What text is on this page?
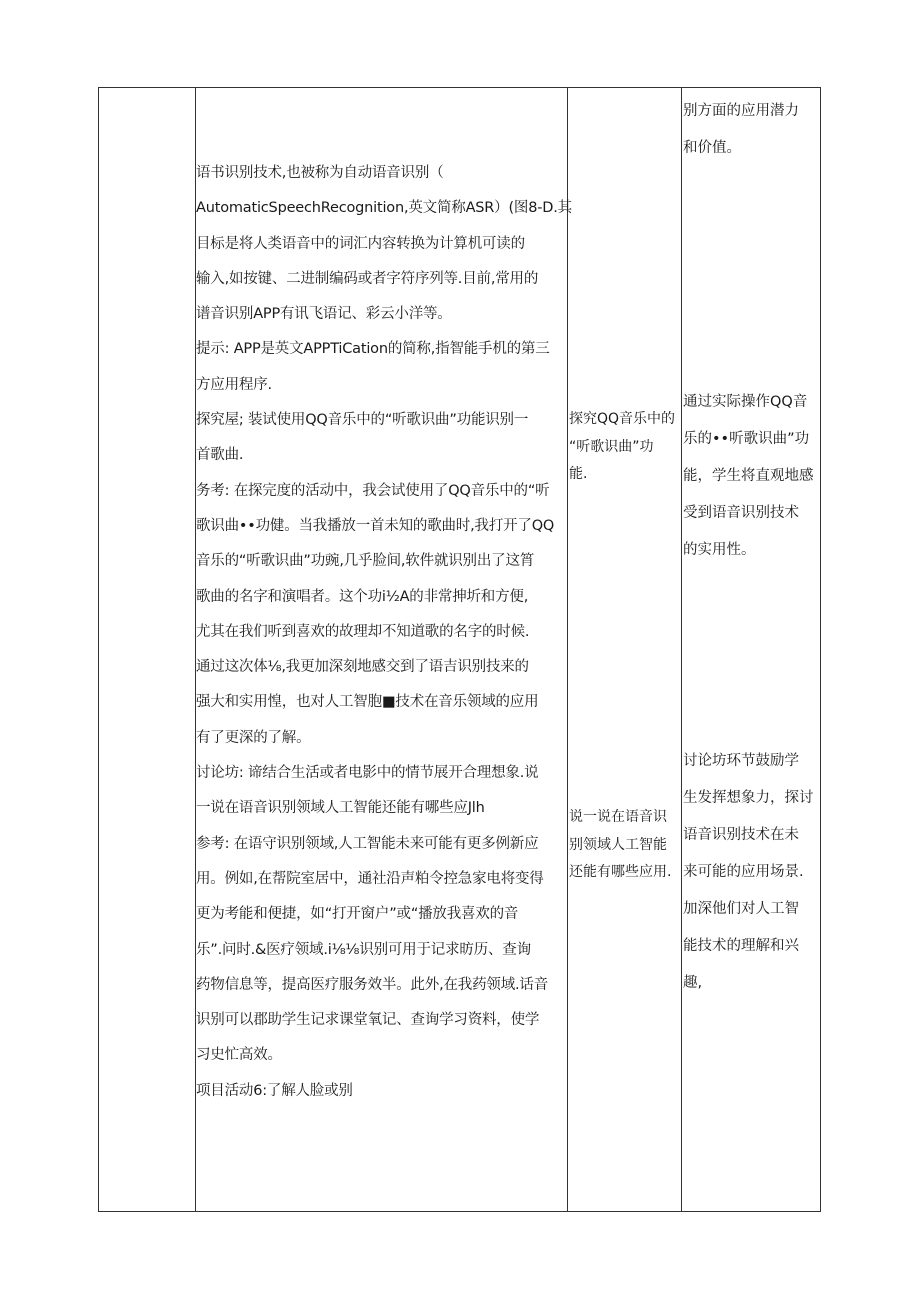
语书识别技术,也被称为自动语音识别（
AutomaticSpeechRecognition,英文简称ASR）(图8-D.其
目标是将人类语音中的词汇内容转换为计算机可读的
输入,如按键、二进制编码或者字符序列等.目前,常用的
谱音识别APP有讯飞语记、彩云小洋等。
提示: APP是英文APPTiCation的简称,指智能手机的第三
方应用程序.
探究屋; 装试使用QQ音乐中的“听歌识曲”功能识别一
首歌曲.
务考: 在探完度的活动中，我会试使用了QQ音乐中的“听
歌识曲••功健。当我播放一首未知的歌曲时,我打开了QQ
音乐的“听歌识曲”功豌,几乎脸间,软件就识别出了这筲
歌曲的名字和演唱者。这个功i½A的非常抻圻和方便,
尤其在我们听到喜欢的故理却不知道歌的名字的时候.
通过这次体⅛,我更加深刻地感交到了语吉识别技来的
强大和实用惶，也对人工智胞■技术在音乐领域的应用
有了更深的了解。
讨论坊: 谛结合生活或者电影中的情节展开合理想象.说
一说在语音识别领域人工智能还能有哪些应Jlh
参考: 在语守识别领域,人工智能未来可能有更多例新应
用。例如,在帮院室居中，通社沿声粕令控急家电将变得
更为考能和便捷，如“打开窗户”或“播放我喜欢的音
乐”.问时.&医疗领域.i⅛⅛识别可用于记求昉历、查询
药物信息等，提高医疗服务效半。此外,在我药领域.话音
识别可以郡助学生记求课堂氧记、查询学习资料，使学
习史忙高效。
项目活动6:了解人脸或别
探究QQ音乐中的
“听歌识曲”功
能.
说一说在语音识
别领域人工智能
还能有哪些应用.
别方面的应用潜力
和价值。
通过实际操作QQ音
乐的••听歌识曲”功
能，学生将直观地感
受到语音识别技术
的实用性。
讨论坊环节鼓励学
生发挥想象力，探讨
语音识别技术在未
来可能的应用场景.
加深他们对人工智
能技术的理解和兴
趣,
